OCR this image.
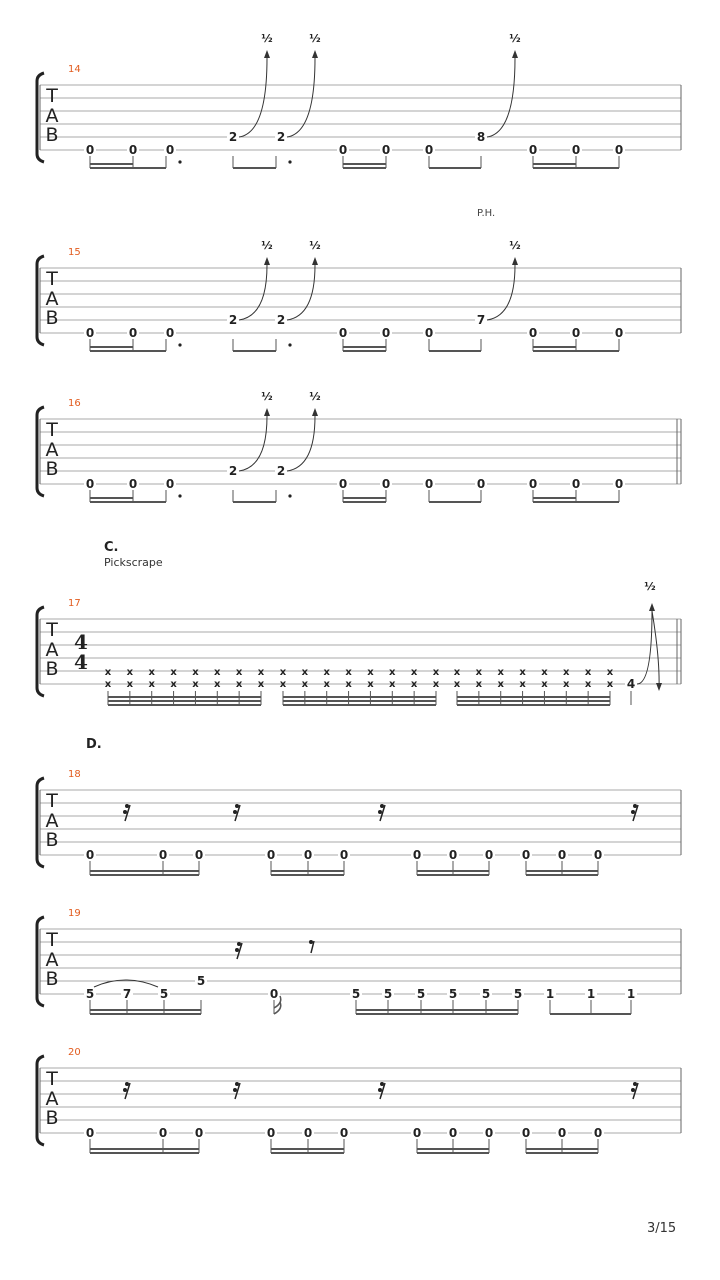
T
A
B
14
0	0 0
2
½
2
½
0	0	0
8
½
0	0	0
T
A
B
15
0	0 0
2
½
2
½
0	0	0
7
½
0	0	0
T
A
B
16
0	0 0
2
½
2
½
0	0	0	0	0	0	0
T
A
B
17
4
4 x
x
x
x
x
x
x
x
x
x
x
x
x
x
x
x
x
x
x
x
x
x
x
x
x
x
x
x
x
x
x
x
x
x
x
x
x
x
x
x
x
x
x
x
x
x
x
x 4
½
T
A
B
18
0	0 0	0 0 0	0 0 0 0 0 0
T
A
B
20
0	0 0	0 0 0	0 0 0 0 0 0
T
A
B
19
5 7 5
5
0	5 5 5 5 5 5 1	1	1
C.
Pickscrape
D.
P.H.
3/15
